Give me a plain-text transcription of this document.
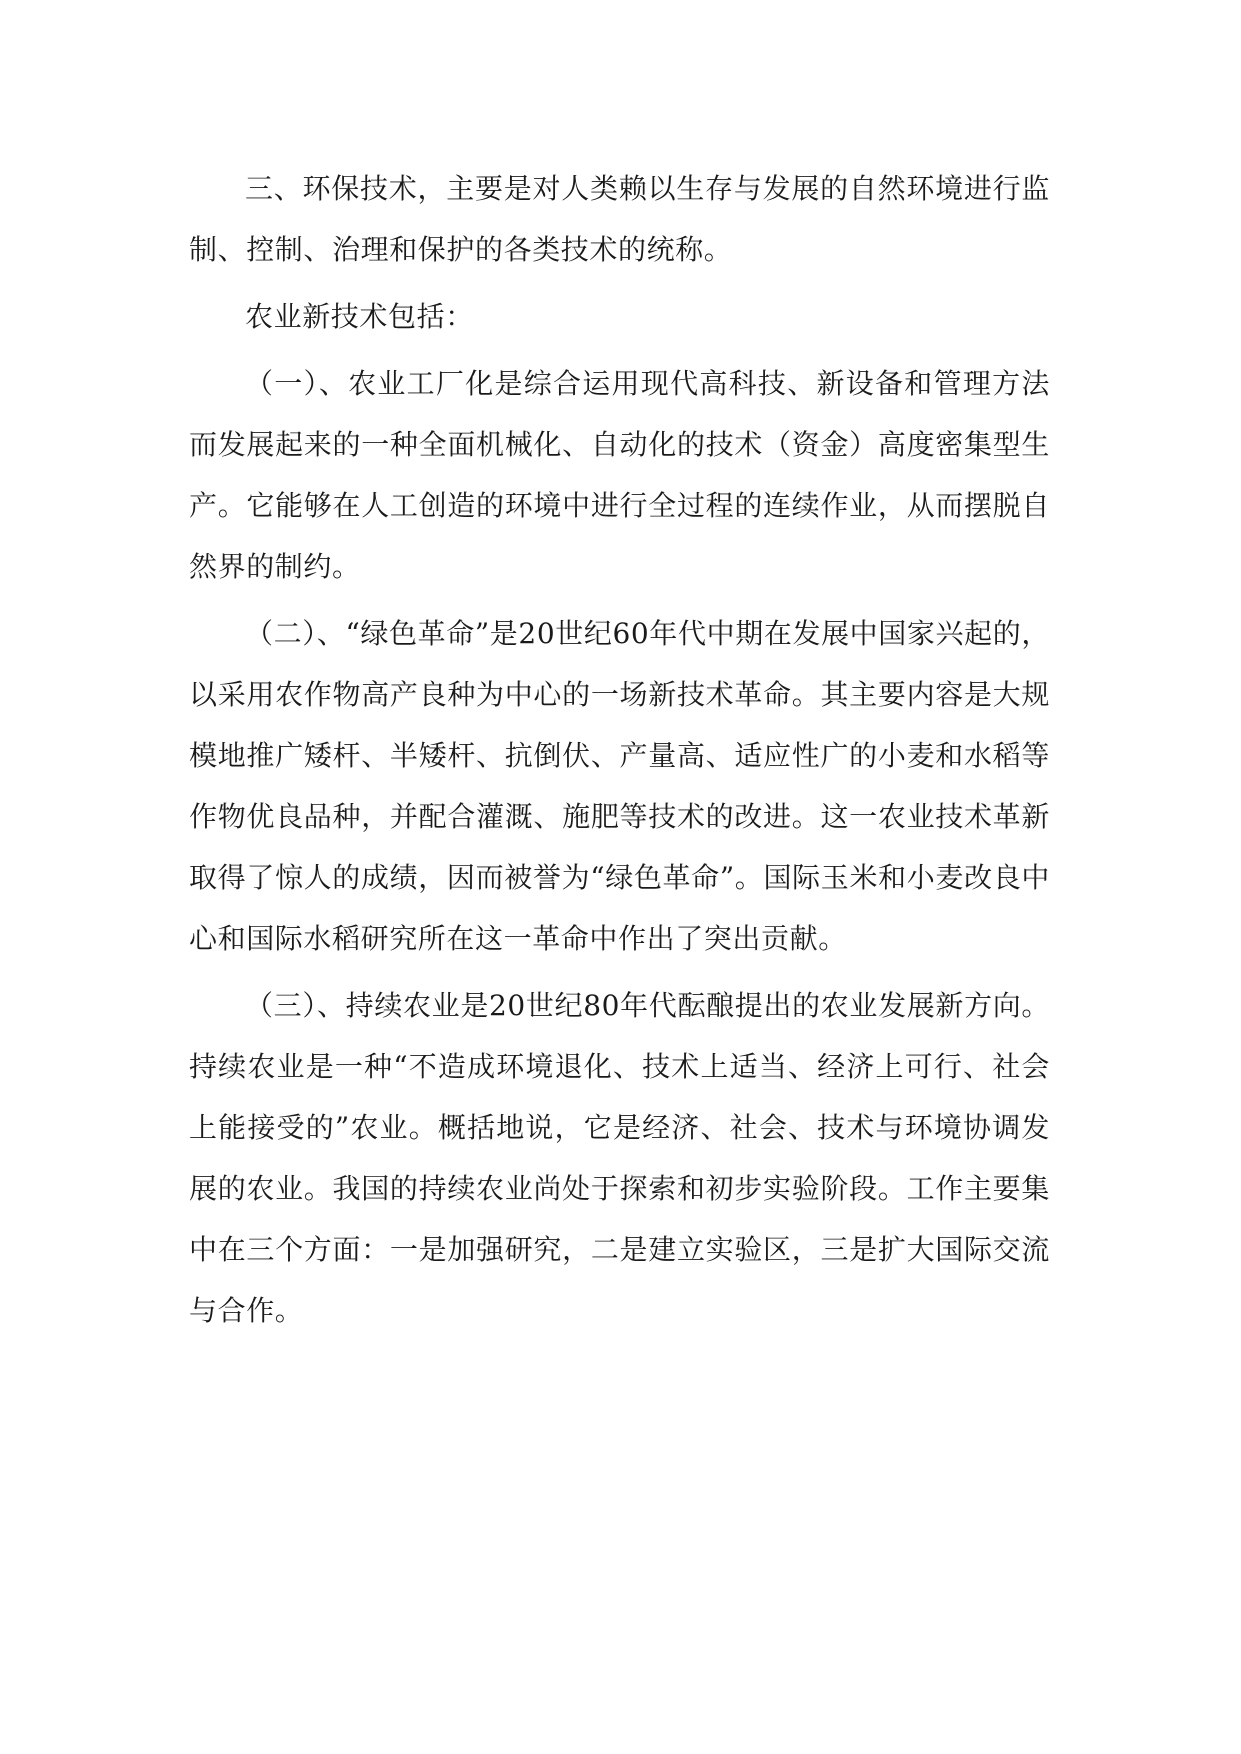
三、环保技术，主要是对人类赖以生存与发展的自然环境进行监制、控制、治理和保护的各类技术的统称。

农业新技术包括：

（一）、农业工厂化是综合运用现代高科技、新设备和管理方法而发展起来的一种全面机械化、自动化的技术（资金）高度密集型生产。它能够在人工创造的环境中进行全过程的连续作业，从而摆脱自然界的制约。

（二）、“绿色革命”是20世纪60年代中期在发展中国家兴起的，以采用农作物高产良种为中心的一场新技术革命。其主要内容是大规模地推广矮杆、半矮杆、抗倒伏、产量高、适应性广的小麦和水稻等作物优良品种，并配合灌溉、施肥等技术的改进。这一农业技术革新取得了惊人的成绩，因而被誉为“绿色革命”。国际玉米和小麦改良中心和国际水稻研究所在这一革命中作出了突出贡献。

（三）、持续农业是20世纪80年代酝酿提出的农业发展新方向。持续农业是一种“不造成环境退化、技术上适当、经济上可行、社会上能接受的”农业。概括地说，它是经济、社会、技术与环境协调发展的农业。我国的持续农业尚处于探索和初步实验阶段。工作主要集中在三个方面：一是加强研究，二是建立实验区，三是扩大国际交流与合作。
